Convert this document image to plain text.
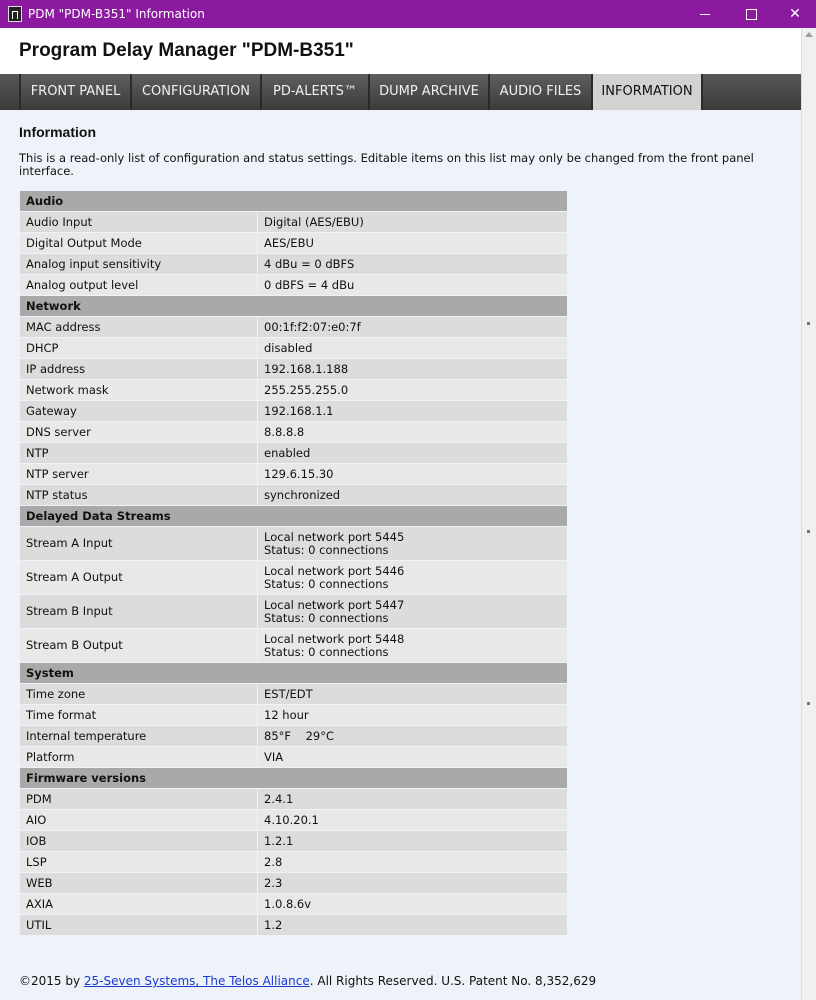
PDM "PDM-B351" Information	✕
Program Delay Manager "PDM-B351"
FRONT PANEL	CONFIGURATION	PD-ALERTS™	DUMP ARCHIVE	AUDIO FILES	INFORMATION
Information
This is a read-only list of configuration and status settings. Editable items on this list may only be changed from the front panel interface.
Audio	
Audio Input	Digital (AES/EBU)

Digital Output Mode	AES/EBU

Analog input sensitivity	4 dBu = 0 dBFS

Analog output level	0 dBFS = 4 dBu

Network	
MAC address	00:1f:f2:07:e0:7f

DHCP	disabled

IP address	192.168.1.188

Network mask	255.255.255.0

Gateway	192.168.1.1

DNS server	8.8.8.8

NTP	enabled

NTP server	129.6.15.30

NTP status	synchronized

Delayed Data Streams	
Stream A Input	Local network port 5445
Status: 0 connections

Stream A Output	Local network port 5446
Status: 0 connections

Stream B Input	Local network port 5447
Status: 0 connections

Stream B Output	Local network port 5448
Status: 0 connections

System	
Time zone	EST/EDT

Time format	12 hour

Internal temperature	85°F    29°C

Platform	VIA

Firmware versions	
PDM	2.4.1

AIO	4.10.20.1

IOB	1.2.1

LSP	2.8

WEB	2.3

AXIA	1.0.8.6v

UTIL	1.2
©2015 by 25-Seven Systems, The Telos Alliance. All Rights Reserved. U.S. Patent No. 8,352,629
